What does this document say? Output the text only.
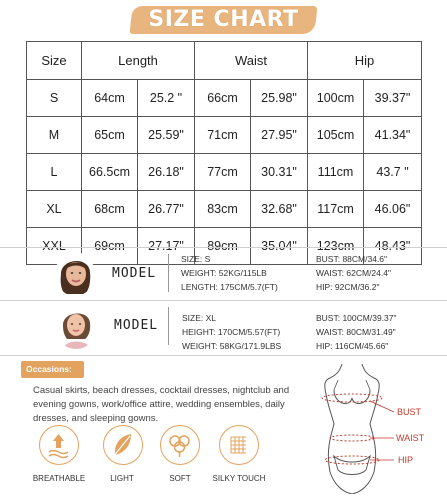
SIZE CHART
Size	Length		Waist		Hip	
S	64cm	25.2 "	66cm	25.98"	100cm	39.37"
M	65cm	25.59"	71cm	27.95"	105cm	41.34"
L	66.5cm	26.18"	77cm	30.31"	111cm	43.7 "
XL	68cm	26.77"	83cm	32.68"	117cm	46.06"
XXL	69cm	27.17"	89cm	35.04"	123cm	48.43"
MODEL
SIZE: S
WEIGHT: 52KG/115LB
LENGTH: 175CM/5.7(FT)
BUST: 88CM/34.6"
WAIST: 62CM/24.4"
HIP: 92CM/36.2"
MODEL	SIZE: XL
HEIGHT: 170CM/5.57(FT)
WEIGHT: 58KG/171.9LBS
BUST: 100CM/39.37"
WAIST: 80CM/31.49"
HIP: 116CM/45.66"
Occasions:
Casual skirts, beach dresses, cocktail dresses, nightclub and evening gowns, work/office attire, wedding ensembles, daily dresses, and sleeping gowns.
BREATHABLE	LIGHT	SOFT	SILKY TOUCH
BUST
WAIST
HIP
